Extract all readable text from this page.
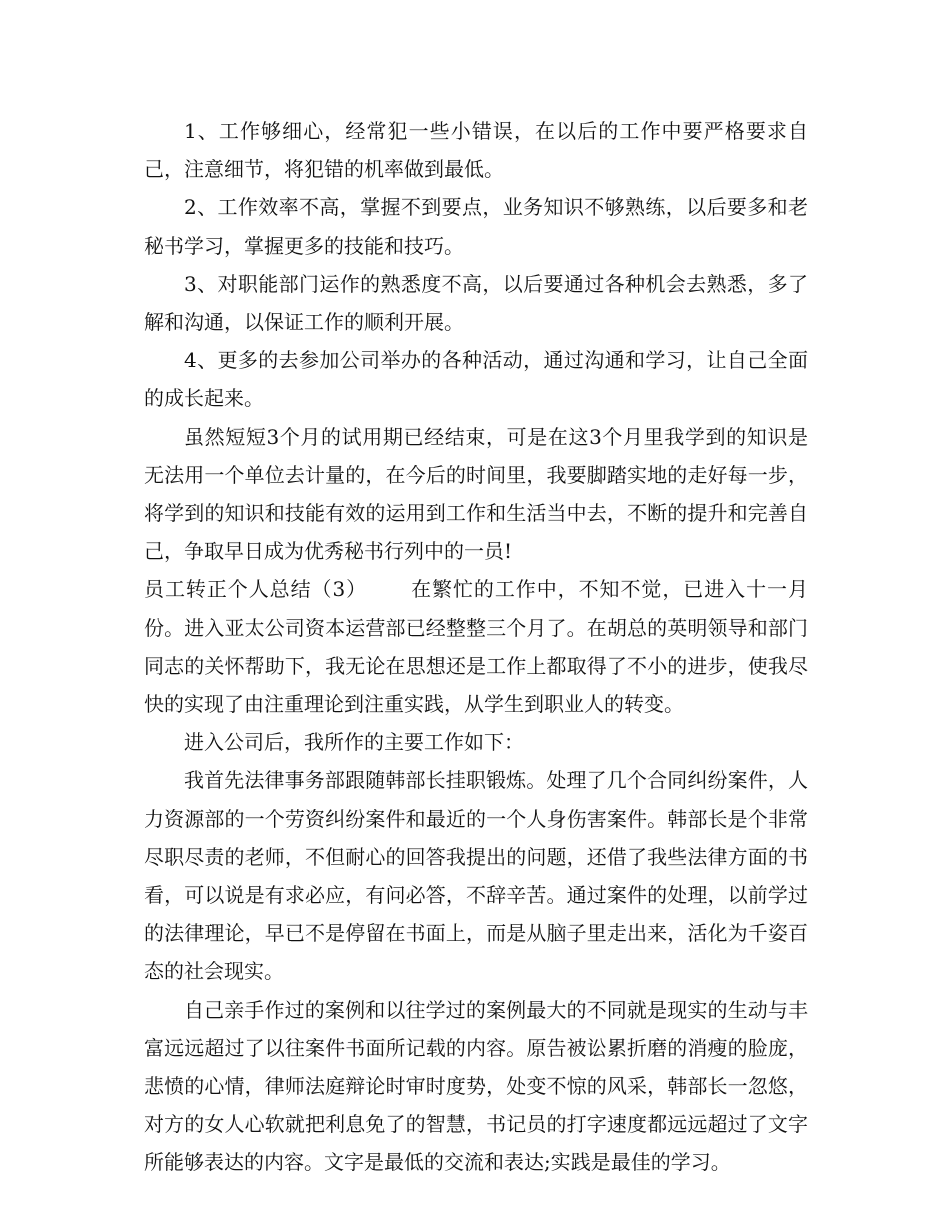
1、工作够细心，经常犯一些小错误，在以后的工作中要严格要求自己，注意细节，将犯错的机率做到最低。

2、工作效率不高，掌握不到要点，业务知识不够熟练，以后要多和老秘书学习，掌握更多的技能和技巧。

3、对职能部门运作的熟悉度不高，以后要通过各种机会去熟悉，多了解和沟通，以保证工作的顺利开展。

4、更多的去参加公司举办的各种活动，通过沟通和学习，让自己全面的成长起来。

虽然短短3个月的试用期已经结束，可是在这3个月里我学到的知识是无法用一个单位去计量的，在今后的时间里，我要脚踏实地的走好每一步，将学到的知识和技能有效的运用到工作和生活当中去，不断的提升和完善自己，争取早日成为优秀秘书行列中的一员!

员工转正个人总结（3） 在繁忙的工作中，不知不觉，已进入十一月份。进入亚太公司资本运营部已经整整三个月了。在胡总的英明领导和部门同志的关怀帮助下，我无论在思想还是工作上都取得了不小的进步，使我尽快的实现了由注重理论到注重实践，从学生到职业人的转变。

进入公司后，我所作的主要工作如下：

我首先法律事务部跟随韩部长挂职锻炼。处理了几个合同纠纷案件，人力资源部的一个劳资纠纷案件和最近的一个人身伤害案件。韩部长是个非常尽职尽责的老师，不但耐心的回答我提出的问题，还借了我些法律方面的书看，可以说是有求必应，有问必答，不辞辛苦。通过案件的处理，以前学过的法律理论，早已不是停留在书面上，而是从脑子里走出来，活化为千姿百态的社会现实。

自己亲手作过的案例和以往学过的案例最大的不同就是现实的生动与丰富远远超过了以往案件书面所记载的内容。原告被讼累折磨的消瘦的脸庞，悲愤的心情，律师法庭辩论时审时度势，处变不惊的风采，韩部长一忽悠，对方的女人心软就把利息免了的智慧，书记员的打字速度都远远超过了文字所能够表达的内容。文字是最低的交流和表达;实践是最佳的学习。
